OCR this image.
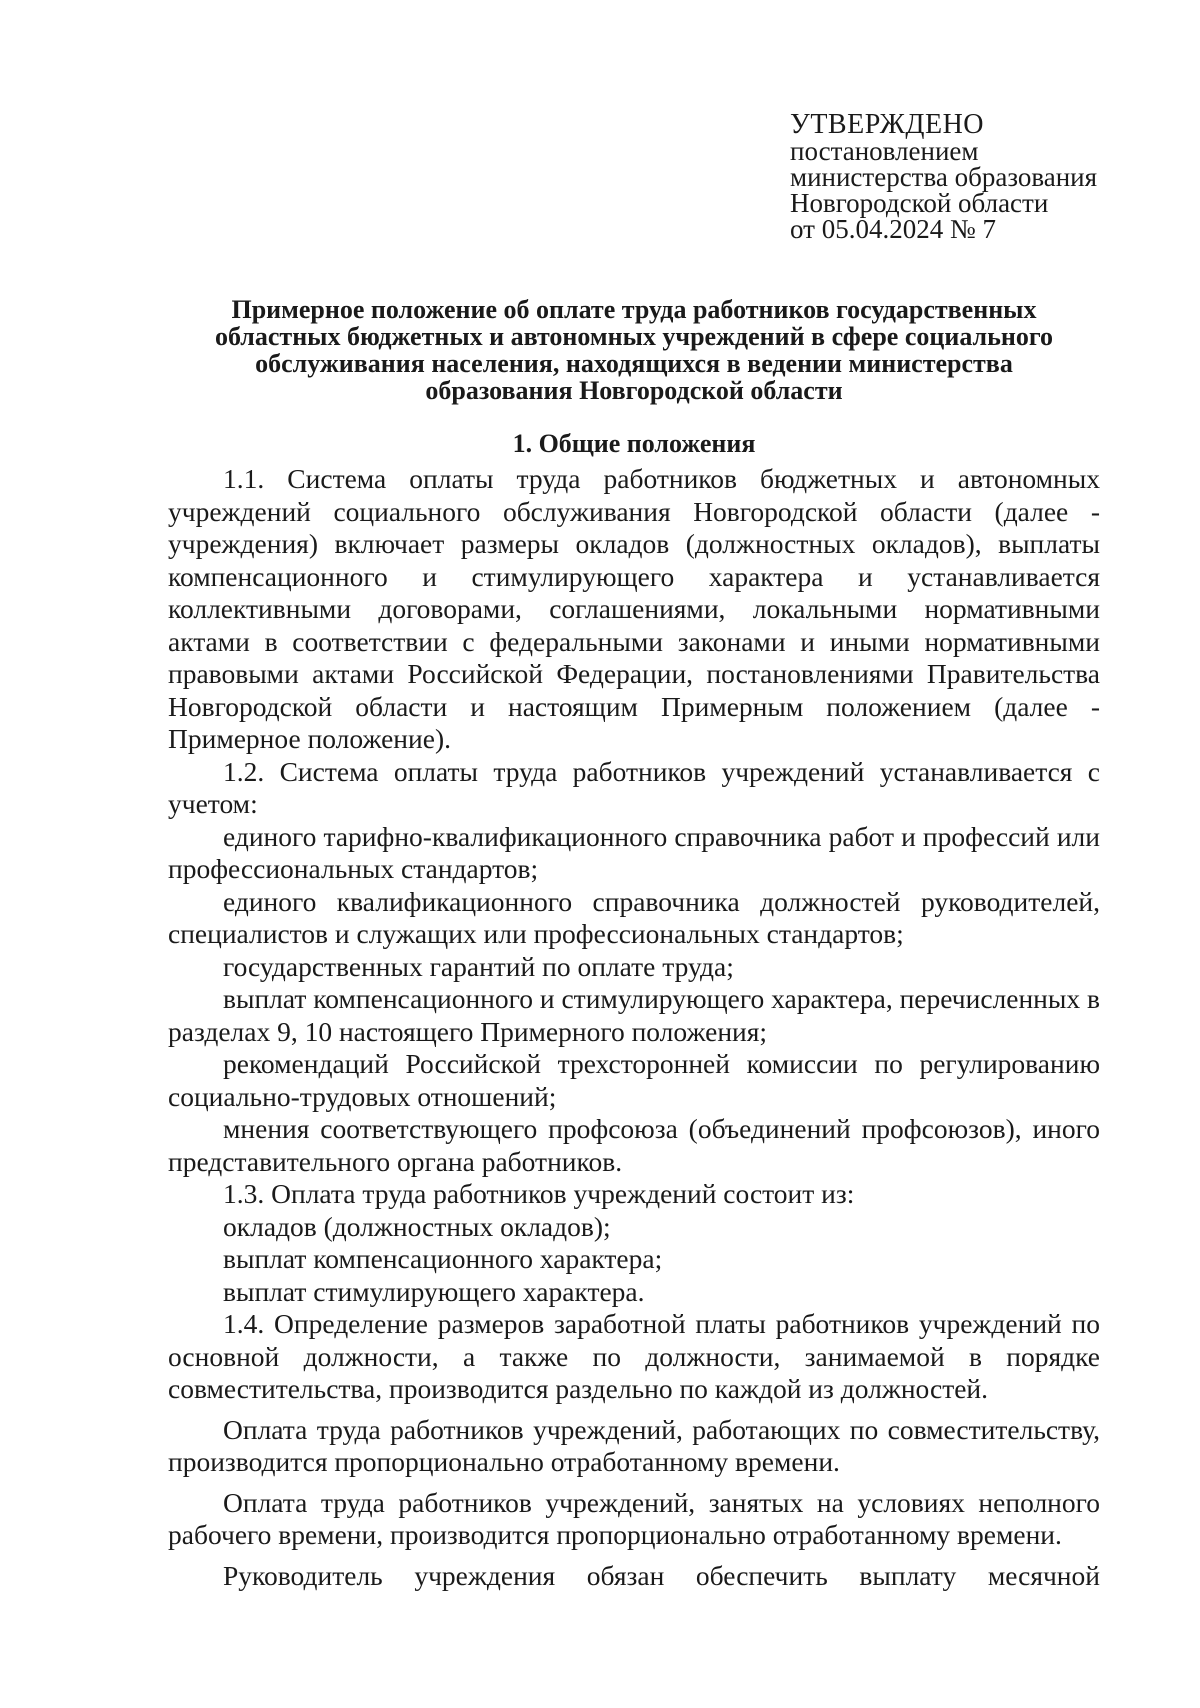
УТВЕРЖДЕНО
постановлением
министерства образования
Новгородской области
от 05.04.2024 № 7
Примерное положение об оплате труда работников государственных
областных бюджетных и автономных учреждений в сфере социального
обслуживания населения, находящихся в ведении министерства
образования Новгородской области
1. Общие положения

1.1. Система оплаты труда работников бюджетных и автономных учреждений социального обслуживания Новгородской области (далее - учреждения) включает размеры окладов (должностных окладов), выплаты компенсационного и стимулирующего характера и устанавливается коллективными договорами, соглашениями, локальными нормативными актами в соответствии с федеральными законами и иными нормативными правовыми актами Российской Федерации, постановлениями Правительства Новгородской области и настоящим Примерным положением (далее - Примерное положение).

1.2. Система оплаты труда работников учреждений устанавливается с учетом:

единого тарифно-квалификационного справочника работ и профессий или профессиональных стандартов;

единого квалификационного справочника должностей руководителей, специалистов и служащих или профессиональных стандартов;

государственных гарантий по оплате труда;

выплат компенсационного и стимулирующего характера, перечисленных в разделах 9, 10 настоящего Примерного положения;

рекомендаций Российской трехсторонней комиссии по регулированию социально-трудовых отношений;

мнения соответствующего профсоюза (объединений профсоюзов), иного представительного органа работников.

1.3. Оплата труда работников учреждений состоит из:

окладов (должностных окладов);

выплат компенсационного характера;

выплат стимулирующего характера.

1.4. Определение размеров заработной платы работников учреждений по основной должности, а также по должности, занимаемой в порядке совместительства, производится раздельно по каждой из должностей.

Оплата труда работников учреждений, работающих по совместительству, производится пропорционально отработанному времени.

Оплата труда работников учреждений, занятых на условиях неполного рабочего времени, производится пропорционально отработанному времени.

Руководитель учреждения обязан обеспечить выплату месячной
